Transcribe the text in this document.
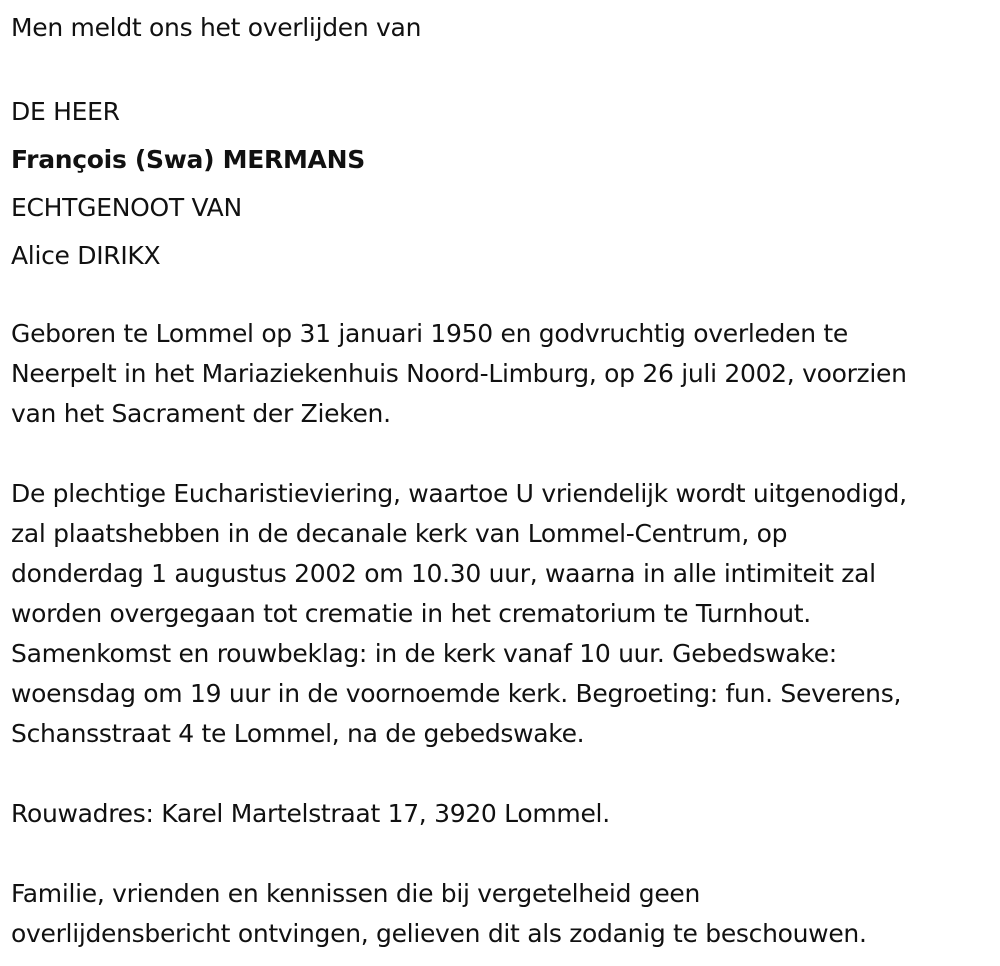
Men meldt ons het overlijden van
DE HEER
François (Swa) MERMANS
ECHTGENOOT VAN
Alice DIRIKX
Geboren te Lommel op 31 januari 1950 en godvruchtig overleden te
Neerpelt in het Mariaziekenhuis Noord-Limburg, op 26 juli 2002, voorzien
van het Sacrament der Zieken.
De plechtige Eucharistieviering, waartoe U vriendelijk wordt uitgenodigd,
zal plaatshebben in de decanale kerk van Lommel-Centrum, op
donderdag 1 augustus 2002 om 10.30 uur, waarna in alle intimiteit zal
worden overgegaan tot crematie in het crematorium te Turnhout.
Samenkomst en rouwbeklag: in de kerk vanaf 10 uur. Gebedswake:
woensdag om 19 uur in de voornoemde kerk. Begroeting: fun. Severens,
Schansstraat 4 te Lommel, na de gebedswake.
Rouwadres: Karel Martelstraat 17, 3920 Lommel.
Familie, vrienden en kennissen die bij vergetelheid geen
overlijdensbericht ontvingen, gelieven dit als zodanig te beschouwen.
